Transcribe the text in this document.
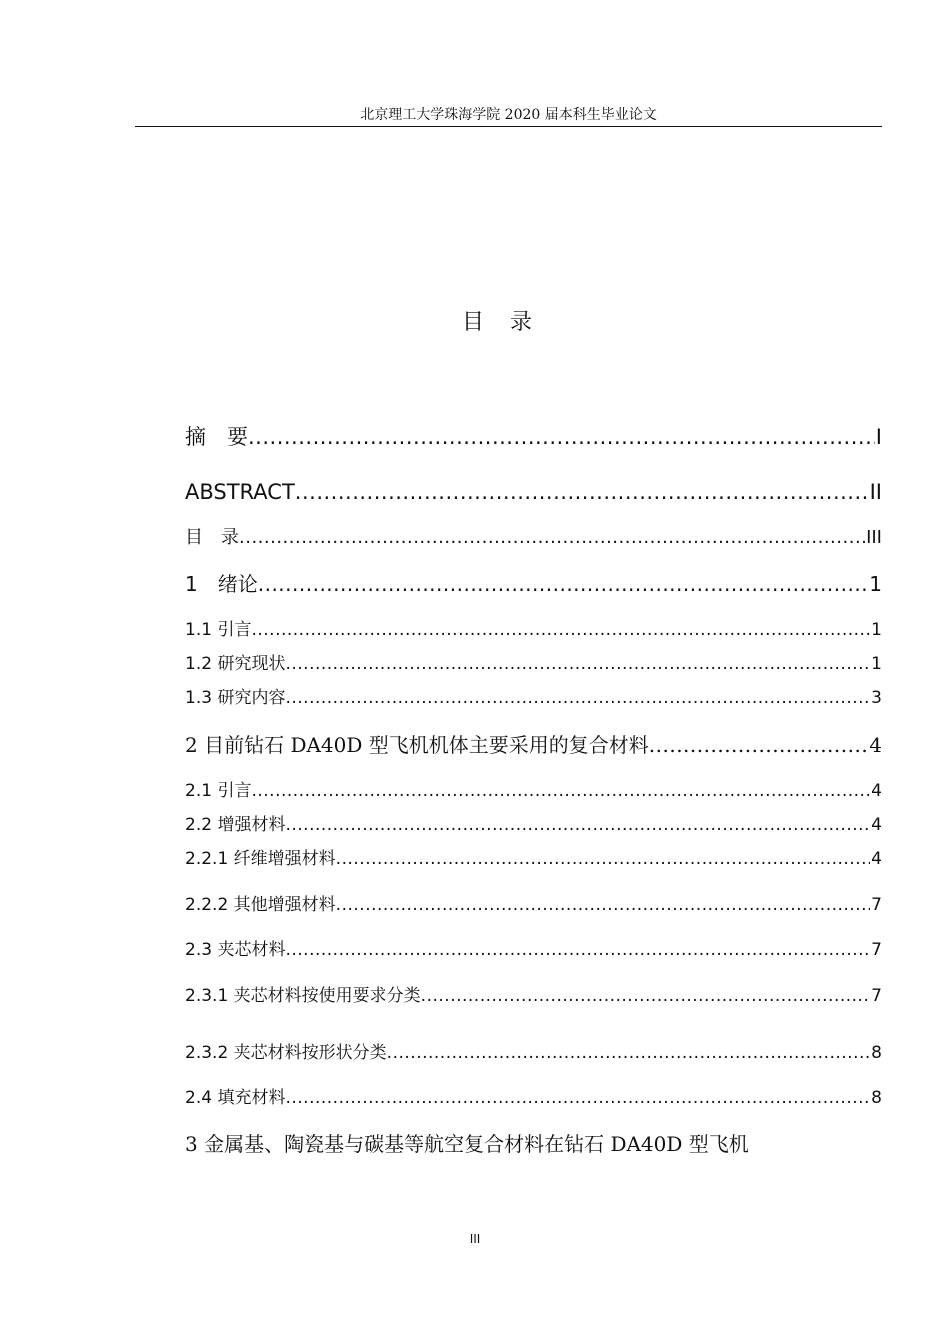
北京理工大学珠海学院 2020 届本科生毕业论文
目录
摘　要 .....	I
ABSTRACT .....	II
目　录 .....	III
1　绪论 .....	1
1.1 引言 .....	1
1.2 研究现状 .....	1
1.3 研究内容 .....	3
2 目前钻石 DA40D 型飞机机体主要采用的复合材料 .....	4
2.1 引言 .....	4
2.2 增强材料 .....	4
2.2.1 纤维增强材料 .....	4
2.2.2 其他增强材料 .....	7
2.3 夹芯材料 .....	7
2.3.1 夹芯材料按使用要求分类 .....	7
2.3.2 夹芯材料按形状分类 .....	8
2.4 填充材料 .....	8
3 金属基、陶瓷基与碳基等航空复合材料在钻石 DA40D 型飞机
III
